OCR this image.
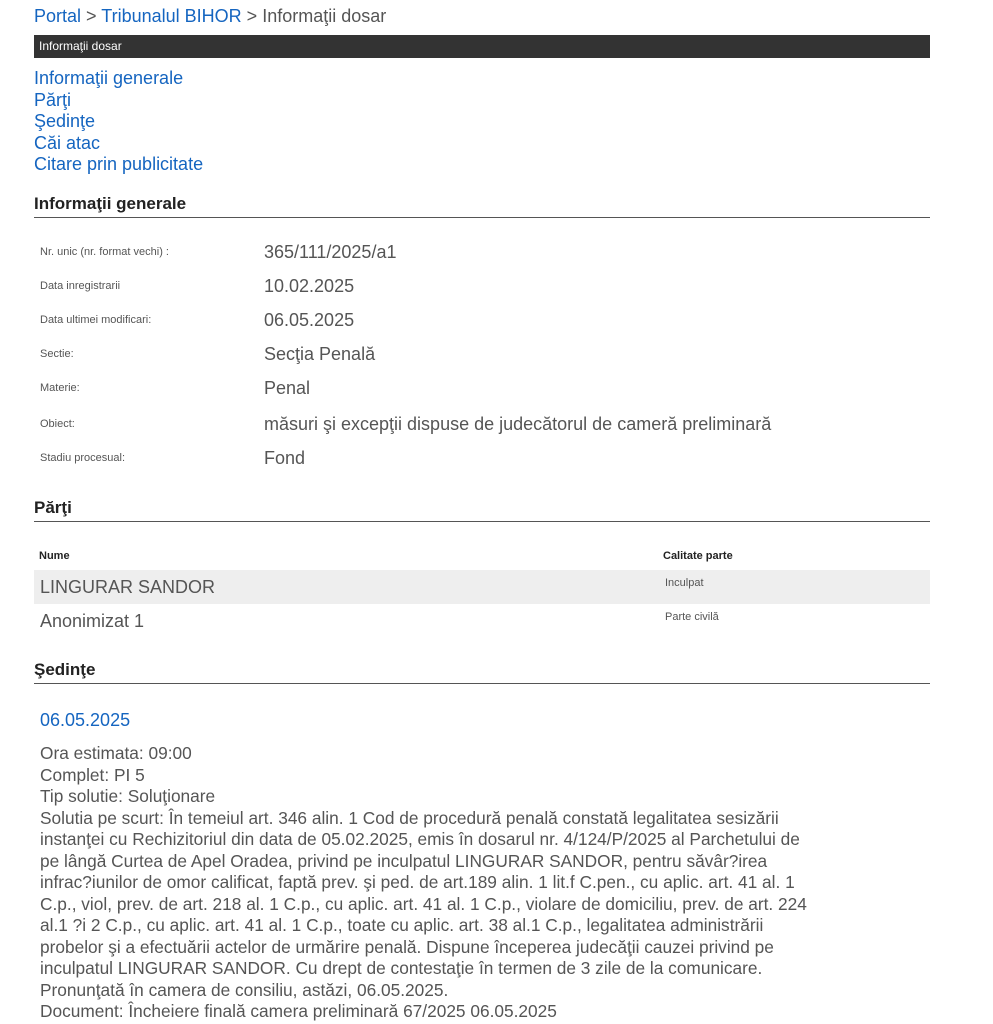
Portal > Tribunalul BIHOR > Informaţii dosar
Informaţii dosar
Informaţii generale
Părţi
Şedinţe
Căi atac
Citare prin publicitate
Informaţii generale
Nr. unic (nr. format vechi) :	365/111/2025/a1
Data inregistrarii	10.02.2025
Data ultimei modificari:	06.05.2025
Sectie:	Secţia Penală
Materie:	Penal
Obiect:	măsuri şi excepţii dispuse de judecătorul de cameră preliminară
Stadiu procesual:	Fond
Părţi
Nume	Calitate parte
LINGURAR SANDOR	Inculpat
Anonimizat 1	Parte civilă
Şedinţe
06.05.2025
Ora estimata: 09:00
Complet: PI 5
Tip solutie: Soluţionare
Solutia pe scurt: În temeiul art. 346 alin. 1 Cod de procedură penală constată legalitatea sesizării
instanţei cu Rechizitoriul din data de 05.02.2025, emis în dosarul nr. 4/124/P/2025 al Parchetului de
pe lângă Curtea de Apel Oradea, privind pe inculpatul LINGURAR SANDOR, pentru săvâr?irea
infrac?iunilor de omor calificat, faptă prev. şi ped. de art.189 alin. 1 lit.f C.pen., cu aplic. art. 41 al. 1
C.p., viol, prev. de art. 218 al. 1 C.p., cu aplic. art. 41 al. 1 C.p., violare de domiciliu, prev. de art. 224
al.1 ?i 2 C.p., cu aplic. art. 41 al. 1 C.p., toate cu aplic. art. 38 al.1 C.p., legalitatea administrării
probelor şi a efectuării actelor de urmărire penală. Dispune începerea judecăţii cauzei privind pe
inculpatul LINGURAR SANDOR. Cu drept de contestaţie în termen de 3 zile de la comunicare.
Pronunţată în camera de consiliu, astăzi, 06.05.2025.
Document: Încheiere finală camera preliminară 67/2025 06.05.2025
